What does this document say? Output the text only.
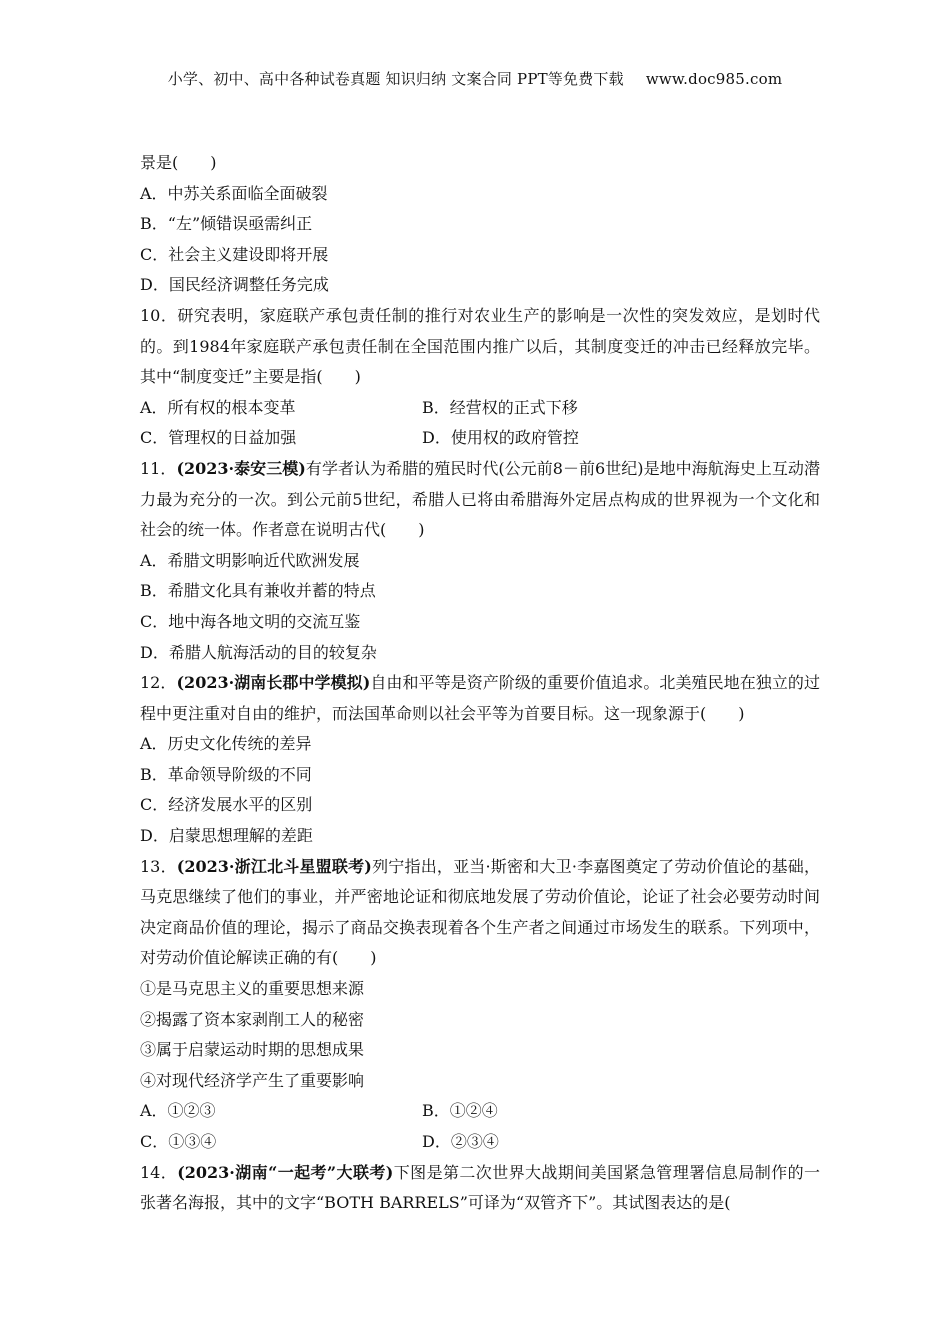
小学、初中、高中各种试卷真题 知识归纳 文案合同 PPT等免费下载 www.doc985.com
景是(　　)
A．中苏关系面临全面破裂
B．“左”倾错误亟需纠正
C．社会主义建设即将开展
D．国民经济调整任务完成
10．研究表明，家庭联产承包责任制的推行对农业生产的影响是一次性的突发效应，是划时代的。到1984年家庭联产承包责任制在全国范围内推广以后，其制度变迁的冲击已经释放完毕。其中“制度变迁”主要是指(　　)
A．所有权的根本变革	B．经营权的正式下移
C．管理权的日益加强	D．使用权的政府管控
11．(2023·泰安三模)有学者认为希腊的殖民时代(公元前8－前6世纪)是地中海航海史上互动潜力最为充分的一次。到公元前5世纪，希腊人已将由希腊海外定居点构成的世界视为一个文化和社会的统一体。作者意在说明古代(　　)
A．希腊文明影响近代欧洲发展
B．希腊文化具有兼收并蓄的特点
C．地中海各地文明的交流互鉴
D．希腊人航海活动的目的较复杂
12．(2023·湖南长郡中学模拟)自由和平等是资产阶级的重要价值追求。北美殖民地在独立的过程中更注重对自由的维护，而法国革命则以社会平等为首要目标。这一现象源于(　　)
A．历史文化传统的差异
B．革命领导阶级的不同
C．经济发展水平的区别
D．启蒙思想理解的差距
13．(2023·浙江北斗星盟联考)列宁指出，亚当·斯密和大卫·李嘉图奠定了劳动价值论的基础，马克思继续了他们的事业，并严密地论证和彻底地发展了劳动价值论，论证了社会必要劳动时间决定商品价值的理论，揭示了商品交换表现着各个生产者之间通过市场发生的联系。下列项中，对劳动价值论解读正确的有(　　)
①是马克思主义的重要思想来源
②揭露了资本家剥削工人的秘密
③属于启蒙运动时期的思想成果
④对现代经济学产生了重要影响
A．①②③	B．①②④
C．①③④	D．②③④
14．(2023·湖南“一起考”大联考)下图是第二次世界大战期间美国紧急管理署信息局制作的一张著名海报，其中的文字“BOTH BARRELS”可译为“双管齐下”。其试图表达的是(
